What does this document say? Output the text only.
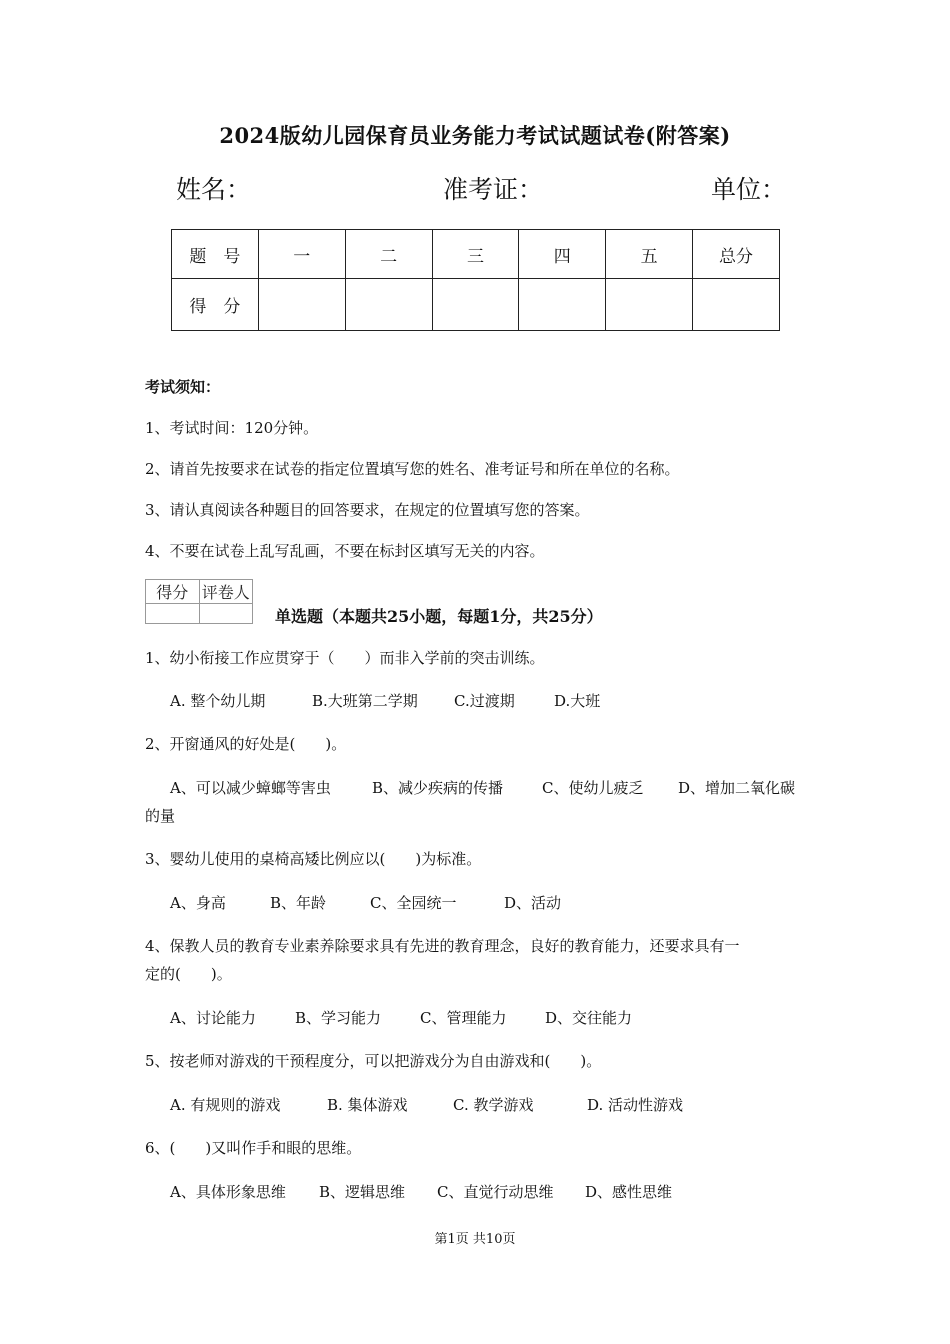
2024版幼儿园保育员业务能力考试试题试卷(附答案)
姓名：	准考证：	单位：
题　号	一	二	三	四	五	总分
得　分						
考试须知：
1、考试时间：120分钟。
2、请首先按要求在试卷的指定位置填写您的姓名、准考证号和所在单位的名称。
3、请认真阅读各种题目的回答要求，在规定的位置填写您的答案。
4、不要在试卷上乱写乱画，不要在标封区填写无关的内容。
得分	评卷人

单选题（本题共25小题，每题1分，共25分）
1、幼小衔接工作应贯穿于（　　）而非入学前的突击训练。
A. 整个幼儿期	B.大班第二学期 C.过渡期	D.大班
2、开窗通风的好处是(　　)。
A、可以减少蟑螂等害虫	B、减少疾病的传播	C、使幼儿疲乏 D、增加二氧化碳
的量
3、婴幼儿使用的桌椅高矮比例应以(　　)为标准。
A、身高	B、年龄	C、全园统一	D、活动
4、保教人员的教育专业素养除要求具有先进的教育理念，良好的教育能力，还要求具有一
定的(　　)。
A、讨论能力	B、学习能力	C、管理能力	D、交往能力
5、按老师对游戏的干预程度分，可以把游戏分为自由游戏和(　　)。
A. 有规则的游戏	B. 集体游戏	C. 教学游戏	D. 活动性游戏
6、(　　)又叫作手和眼的思维。
A、具体形象思维 B、逻辑思维 C、直觉行动思维 D、感性思维
第1页 共10页
